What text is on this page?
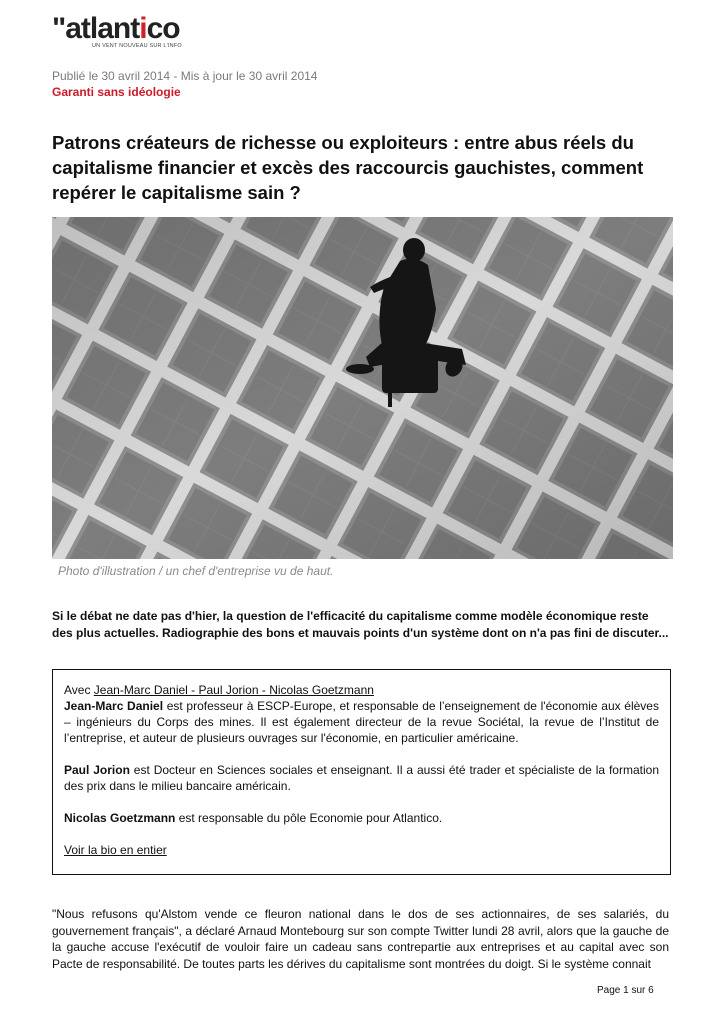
"atlantico
UN VENT NOUVEAU SUR L'INFO
Publié le 30 avril 2014 - Mis à jour le 30 avril 2014
Garanti sans idéologie
Patrons créateurs de richesse ou exploiteurs : entre abus réels du capitalisme financier et excès des raccourcis gauchistes, comment repérer le capitalisme sain ?
Photo d'illustration / un chef d'entreprise vu de haut.

Si le débat ne date pas d'hier, la question de l'efficacité du capitalisme comme modèle économique reste des plus actuelles. Radiographie des bons et mauvais points d'un système dont on n'a pas fini de discuter...

Avec Jean-Marc Daniel - Paul Jorion - Nicolas Goetzmann

Jean-Marc Daniel est professeur à ESCP-Europe, et responsable de l’enseignement de l'économie aux élèves – ingénieurs du Corps des mines. Il est également directeur de la revue Sociétal, la revue de l’Institut de l’entreprise, et auteur de plusieurs ouvrages sur l'économie, en particulier américaine.

Paul Jorion est Docteur en Sciences sociales et enseignant. Il a aussi été trader et spécialiste de la formation des prix dans le milieu bancaire américain.

Nicolas Goetzmann est responsable du pôle Economie pour Atlantico.

Voir la bio en entier

"Nous refusons qu'Alstom vende ce fleuron national dans le dos de ses actionnaires, de ses salariés, du gouvernement français", a déclaré Arnaud Montebourg sur son compte Twitter lundi 28 avril, alors que la gauche de la gauche accuse l'exécutif de vouloir faire un cadeau sans contrepartie aux entreprises et au capital avec son Pacte de responsabilité. De toutes parts les dérives du capitalisme sont montrées du doigt. Si le système connait

Page 1 sur 6
